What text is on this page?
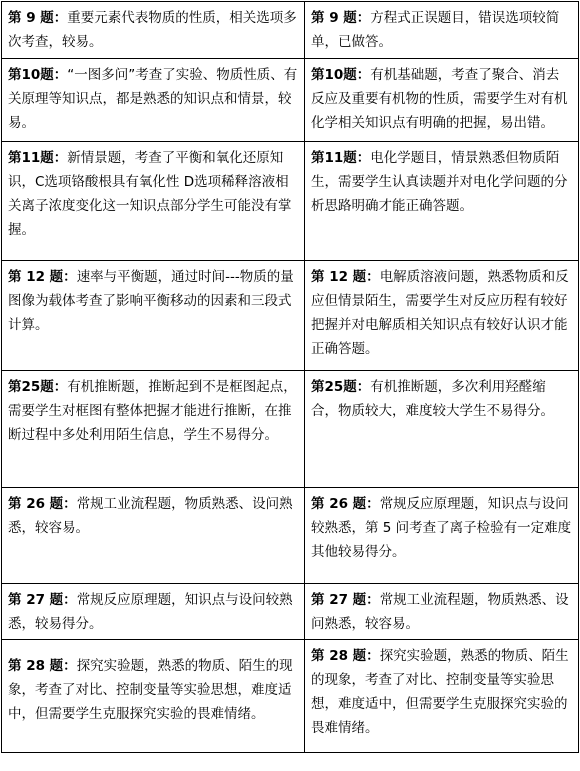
第 9 题：重要元素代表物质的性质，相关选项多次考查，较易。	第 9 题：方程式正误题目，错误选项较简单，已做答。
第10题：“一图多问”考查了实验、物质性质、有关原理等知识点，都是熟悉的知识点和情景，较易。	第10题：有机基础题，考查了聚合、消去反应及重要有机物的性质，需要学生对有机化学相关知识点有明确的把握，易出错。
第11题：新情景题，考查了平衡和氧化还原知识，C选项铬酸根具有氧化性 D选项稀释溶液相关离子浓度变化这一知识点部分学生可能没有掌握。	第11题：电化学题目，情景熟悉但物质陌生，需要学生认真读题并对电化学问题的分析思路明确才能正确答题。
第 12 题：速率与平衡题，通过时间---物质的量图像为载体考查了影响平衡移动的因素和三段式计算。	第 12 题：电解质溶液问题，熟悉物质和反应但情景陌生，需要学生对反应历程有较好把握并对电解质相关知识点有较好认识才能正确答题。
第25题：有机推断题，推断起到不是框图起点，需要学生对框图有整体把握才能进行推断，在推断过程中多处利用陌生信息，学生不易得分。	第25题：有机推断题，多次利用羟醛缩合，物质较大，难度较大学生不易得分。
第 26 题：常规工业流程题，物质熟悉、设问熟悉，较容易。	第 26 题：常规反应原理题，知识点与设问较熟悉，第 5 问考查了离子检验有一定难度其他较易得分。
第 27 题：常规反应原理题，知识点与设问较熟悉，较易得分。	第 27 题：常规工业流程题，物质熟悉、设问熟悉，较容易。
第 28 题：探究实验题，熟悉的物质、陌生的现象，考查了对比、控制变量等实验思想，难度适中，但需要学生克服探究实验的畏难情绪。	第 28 题：探究实验题，熟悉的物质、陌生的现象，考查了对比、控制变量等实验思想，难度适中，但需要学生克服探究实验的畏难情绪。
